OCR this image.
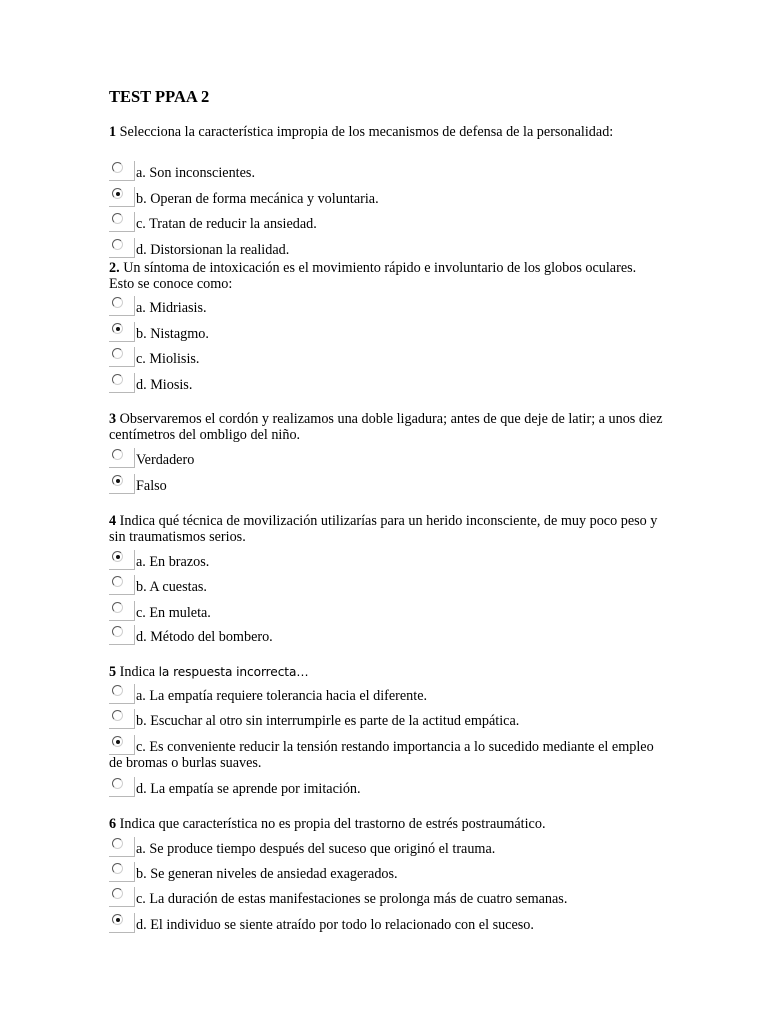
TEST PPAA 2

1 Selecciona la característica impropia de los mecanismos de defensa de la personalidad:

a. Son inconscientes.
b. Operan de forma mecánica y voluntaria.
c. Tratan de reducir la ansiedad.
d. Distorsionan la realidad.

2. Un síntoma de intoxicación es el movimiento rápido e involuntario de los globos oculares. Esto se conoce como:

a. Midriasis.
b. Nistagmo.
c. Miolisis.
d. Miosis.

3 Observaremos el cordón y realizamos una doble ligadura; antes de que deje de latir; a unos diez centímetros del ombligo del niño.

Verdadero
Falso

4 Indica qué técnica de movilización utilizarías para un herido inconsciente, de muy poco peso y sin traumatismos serios.

a. En brazos.
b. A cuestas.
c. En muleta.
d. Método del bombero.

5 Indica la respuesta incorrecta…

a. La empatía requiere tolerancia hacia el diferente.
b. Escuchar al otro sin interrumpirle es parte de la actitud empática.

c. Es conveniente reducir la tensión restando importancia a lo sucedido mediante el empleo de bromas o burlas suaves.

d. La empatía se aprende por imitación.

6 Indica que característica no es propia del trastorno de estrés postraumático.

a. Se produce tiempo después del suceso que originó el trauma.
b. Se generan niveles de ansiedad exagerados.
c. La duración de estas manifestaciones se prolonga más de cuatro semanas.
d. El individuo se siente atraído por todo lo relacionado con el suceso.
